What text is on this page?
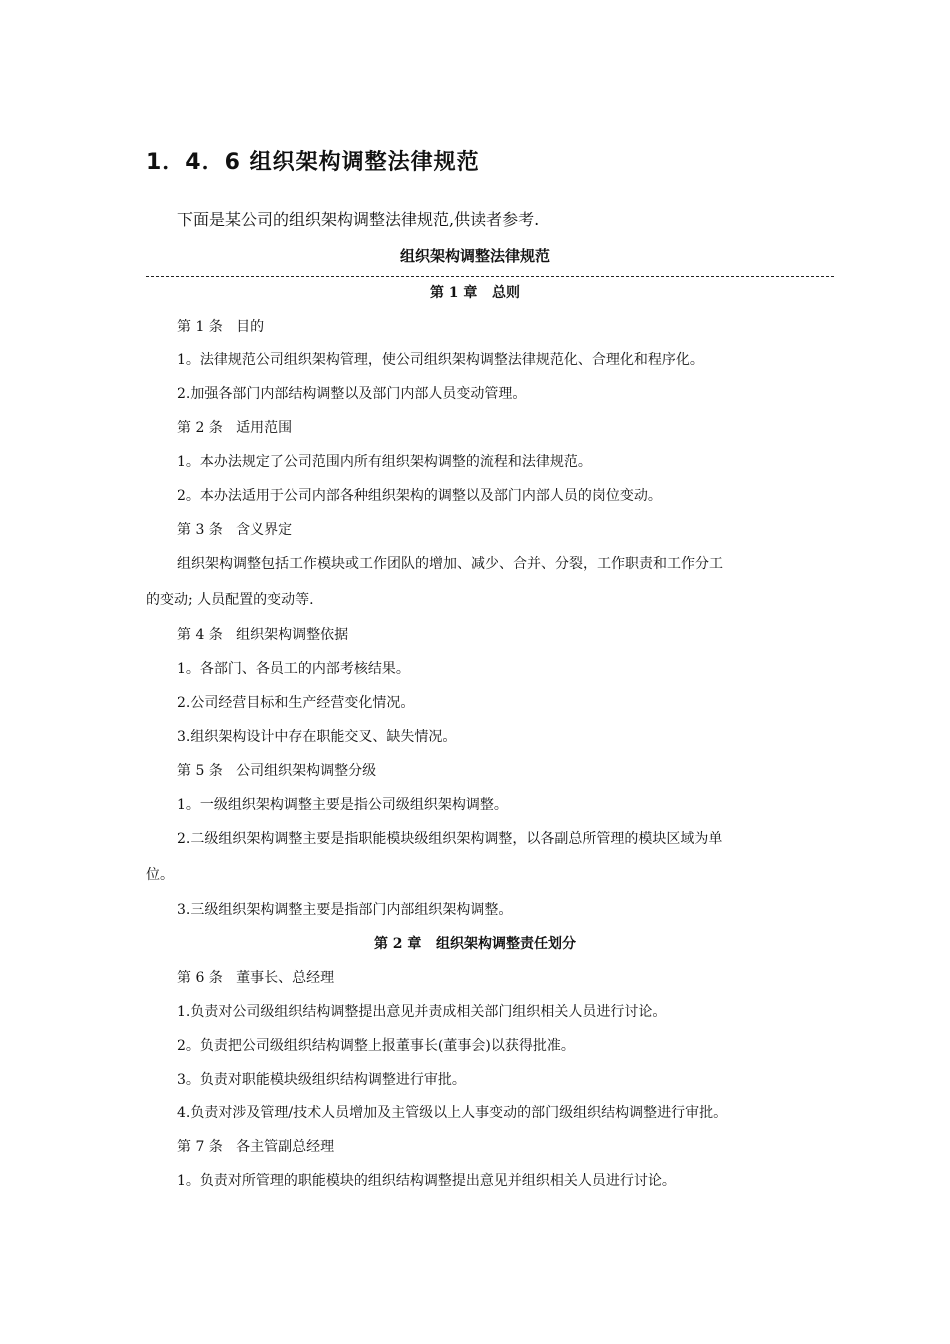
1．4．6 组织架构调整法律规范
下面是某公司的组织架构调整法律规范,供读者参考.
组织架构调整法律规范
第 1 章   总则
第 1 条   目的
1。法律规范公司组织架构管理，使公司组织架构调整法律规范化、合理化和程序化。
2.加强各部门内部结构调整以及部门内部人员变动管理。
第 2 条   适用范围
1。本办法规定了公司范围内所有组织架构调整的流程和法律规范。
2。本办法适用于公司内部各种组织架构的调整以及部门内部人员的岗位变动。
第 3 条   含义界定
组织架构调整包括工作模块或工作团队的增加、减少、合并、分裂，工作职责和工作分工
的变动; 人员配置的变动等.
第 4 条   组织架构调整依据
1。各部门、各员工的内部考核结果。
2.公司经营目标和生产经营变化情况。
3.组织架构设计中存在职能交叉、缺失情况。
第 5 条   公司组织架构调整分级
1。一级组织架构调整主要是指公司级组织架构调整。
2.二级组织架构调整主要是指职能模块级组织架构调整，以各副总所管理的模块区域为单
位。
3.三级组织架构调整主要是指部门内部组织架构调整。
第 2 章   组织架构调整责任划分
第 6 条   董事长、总经理
1.负责对公司级组织结构调整提出意见并责成相关部门组织相关人员进行讨论。
2。负责把公司级组织结构调整上报董事长(董事会)以获得批准。
3。负责对职能模块级组织结构调整进行审批。
4.负责对涉及管理/技术人员增加及主管级以上人事变动的部门级组织结构调整进行审批。
第 7 条   各主管副总经理
1。负责对所管理的职能模块的组织结构调整提出意见并组织相关人员进行讨论。
